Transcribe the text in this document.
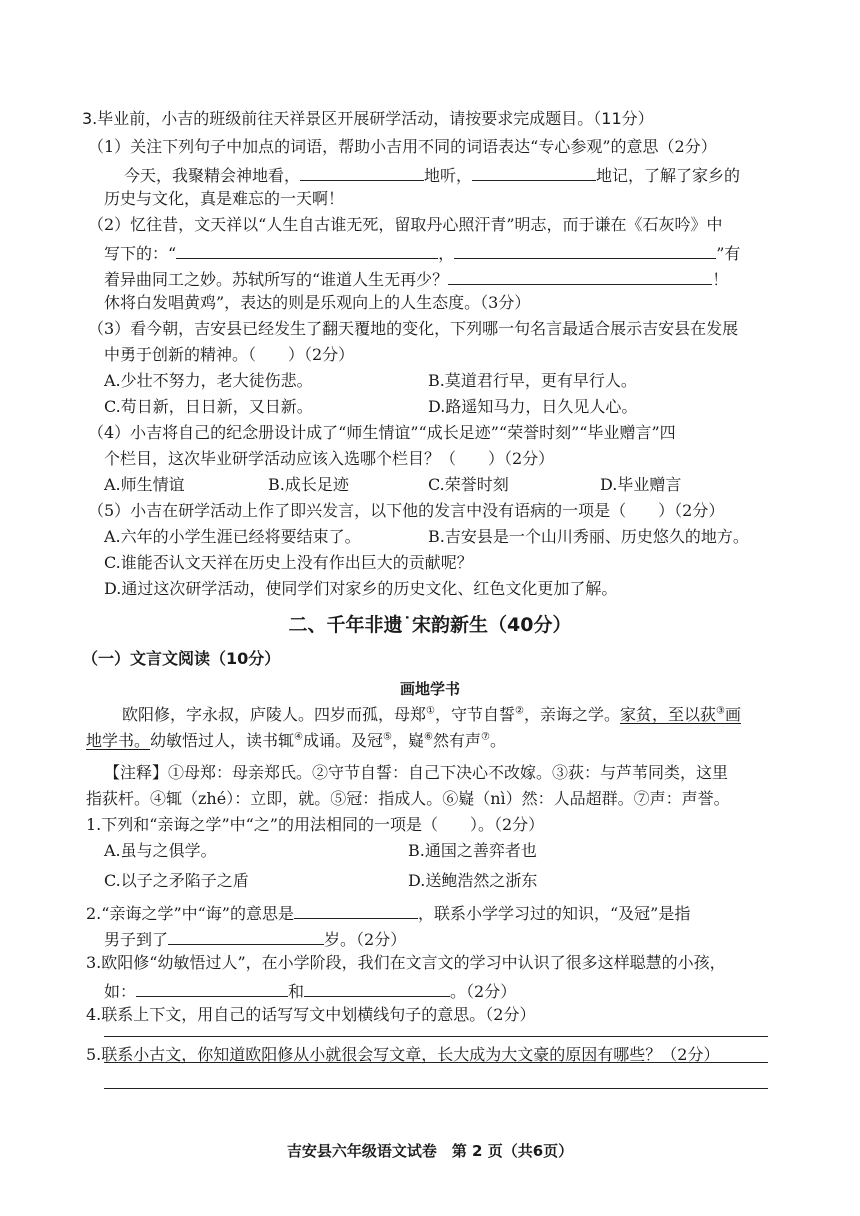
3.毕业前，小吉的班级前往天祥景区开展研学活动，请按要求完成题目。（11分）
（1）关注下列句子中加点的词语，帮助小吉用不同的词语表达“专心参观”的意思（2分）
今天，我聚精会神地看，	地听，	地记，了解了家乡的
历史与文化，真是难忘的一天啊！
（2）忆往昔，文天祥以“人生自古谁无死，留取丹心照汗青”明志，而于谦在《石灰吟》中
写下的：“	，	”有
着异曲同工之妙。苏轼所写的“谁道人生无再少？	！
休将白发唱黄鸡”，表达的则是乐观向上的人生态度。（3分）
（3）看今朝，吉安县已经发生了翻天覆地的变化，下列哪一句名言最适合展示吉安县在发展
中勇于创新的精神。（　　）（2分）
A.少壮不努力，老大徒伤悲。	B.莫道君行早，更有早行人。
C.苟日新，日日新，又日新。	D.路遥知马力，日久见人心。
（4）小吉将自己的纪念册设计成了“师生情谊”“成长足迹”“荣誉时刻”“毕业赠言”四
个栏目，这次毕业研学活动应该入选哪个栏目？（　　）（2分）
A.师生情谊	B.成长足迹	C.荣誉时刻	D.毕业赠言
（5）小吉在研学活动上作了即兴发言，以下他的发言中没有语病的一项是（　　）（2分）
A.六年的小学生涯已经将要结束了。	B.吉安县是一个山川秀丽、历史悠久的地方。
C.谁能否认文天祥在历史上没有作出巨大的贡献呢？
D.通过这次研学活动，使同学们对家乡的历史文化、红色文化更加了解。
二、千年非遗˙宋韵新生（40分）
（一）文言文阅读（10分）
画地学书
欧阳修，字永叔，庐陵人。四岁而孤，母郑①，守节自誓②，亲诲之学。家贫，至以荻③画
地学书。幼敏悟过人，读书辄④成诵。及冠⑤，嶷⑥然有声⑦。
【注释】①母郑：母亲郑氏。②守节自誓：自己下决心不改嫁。③荻：与芦苇同类，这里
指荻杆。④辄（zhé）：立即，就。⑤冠：指成人。⑥嶷（nì）然：人品超群。⑦声：声誉。
1.下列和“亲诲之学”中“之”的用法相同的一项是（　　）。（2分）
A.虽与之俱学。	B.通国之善弈者也
C.以子之矛陷子之盾	D.送鲍浩然之浙东
2.“亲诲之学”中“诲”的意思是	，联系小学学习过的知识，“及冠”是指
男子到了	岁。（2分）
3.欧阳修“幼敏悟过人”，在小学阶段，我们在文言文的学习中认识了很多这样聪慧的小孩，
如：	和	。（2分）
4.联系上下文，用自己的话写写文中划横线句子的意思。（2分）
5.联系小古文，你知道欧阳修从小就很会写文章，长大成为大文豪的原因有哪些？（2分）
吉安县六年级语文试卷　第 2 页（共6页）
